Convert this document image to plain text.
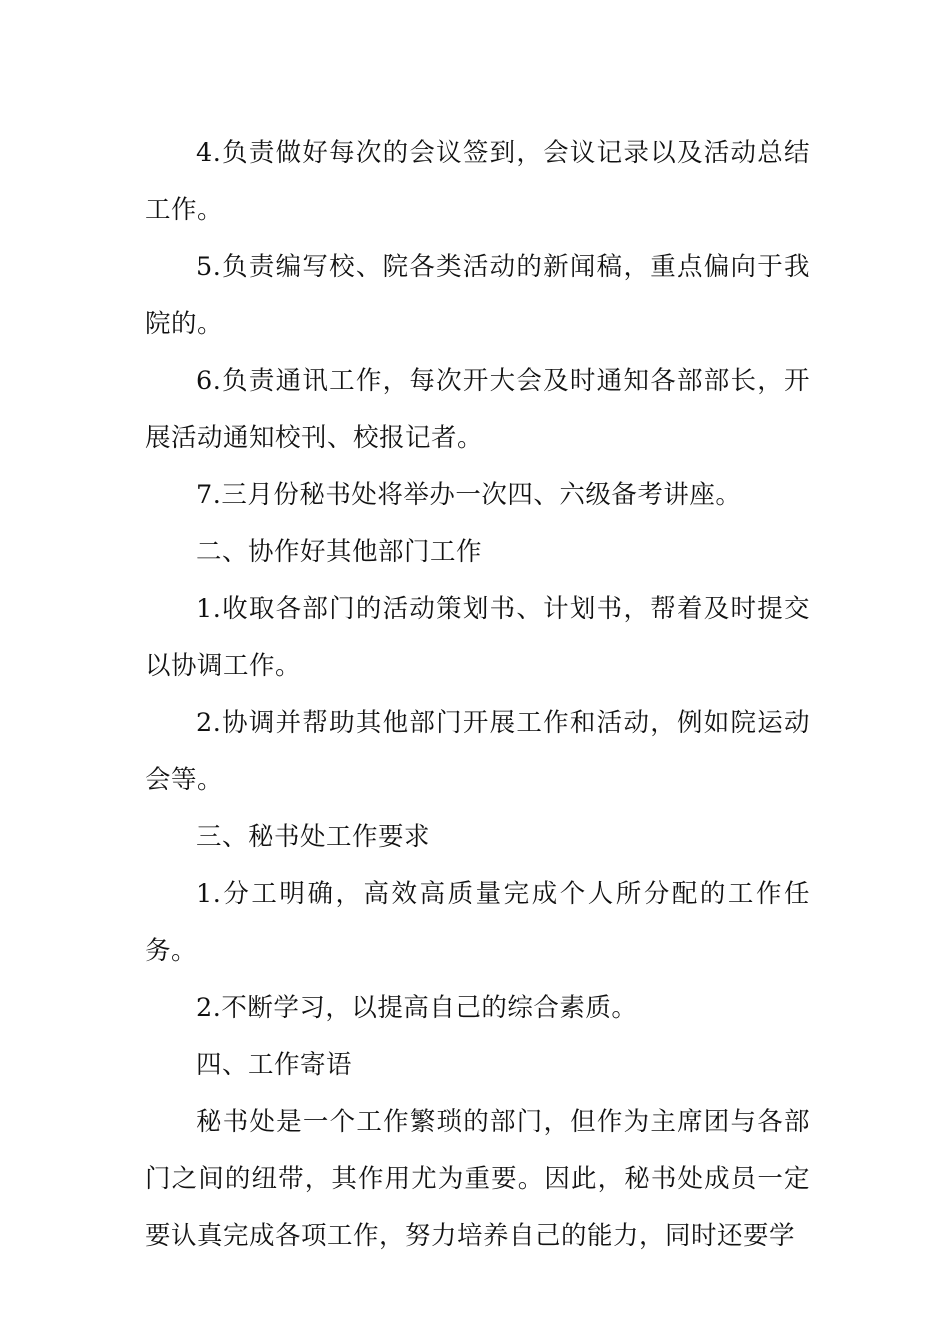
4.负责做好每次的会议签到，会议记录以及活动总结工作。

5.负责编写校、院各类活动的新闻稿，重点偏向于我院的。

6.负责通讯工作，每次开大会及时通知各部部长，开展活动通知校刊、校报记者。

7.三月份秘书处将举办一次四、六级备考讲座。

二、协作好其他部门工作

1.收取各部门的活动策划书、计划书，帮着及时提交以协调工作。

2.协调并帮助其他部门开展工作和活动，例如院运动会等。

三、秘书处工作要求

1.分工明确，高效高质量完成个人所分配的工作任务。

2.不断学习，以提高自己的综合素质。

四、工作寄语

秘书处是一个工作繁琐的部门，但作为主席团与各部门之间的纽带，其作用尤为重要。因此，秘书处成员一定要认真完成各项工作，努力培养自己的能力，同时还要学
